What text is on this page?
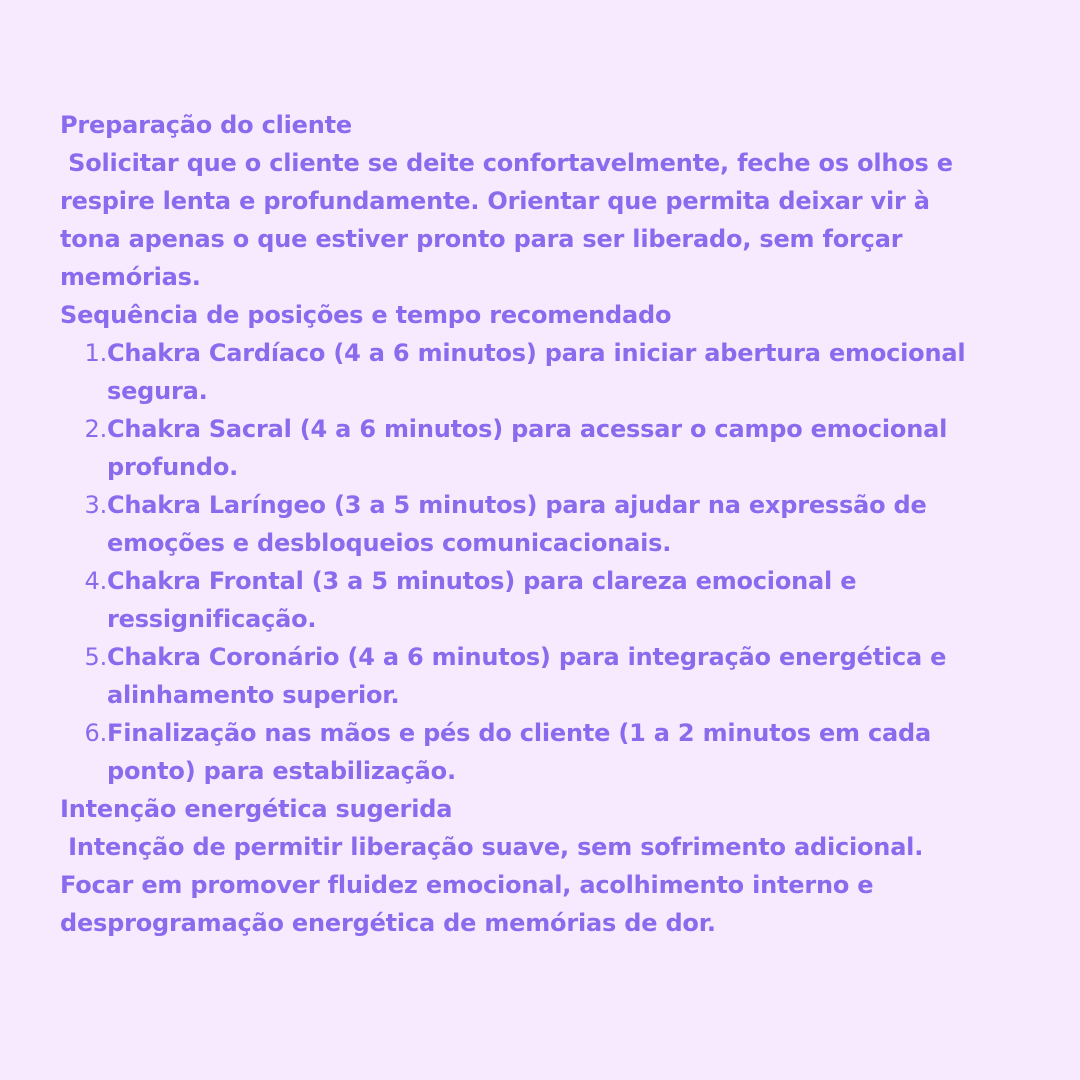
Preparação do cliente

Solicitar que o cliente se deite confortavelmente, feche os olhos e respire lenta e profundamente. Orientar que permita deixar vir à tona apenas o que estiver pronto para ser liberado, sem forçar memórias.

Sequência de posições e tempo recomendado

1. Chakra Cardíaco (4 a 6 minutos) para iniciar abertura emocional segura.
2. Chakra Sacral (4 a 6 minutos) para acessar o campo emocional profundo.
3. Chakra Laríngeo (3 a 5 minutos) para ajudar na expressão de emoções e desbloqueios comunicacionais.
4. Chakra Frontal (3 a 5 minutos) para clareza emocional e ressignificação.
5. Chakra Coronário (4 a 6 minutos) para integração energética e alinhamento superior.
6. Finalização nas mãos e pés do cliente (1 a 2 minutos em cada ponto) para estabilização.

Intenção energética sugerida

Intenção de permitir liberação suave, sem sofrimento adicional. Focar em promover fluidez emocional, acolhimento interno e desprogramação energética de memórias de dor.
